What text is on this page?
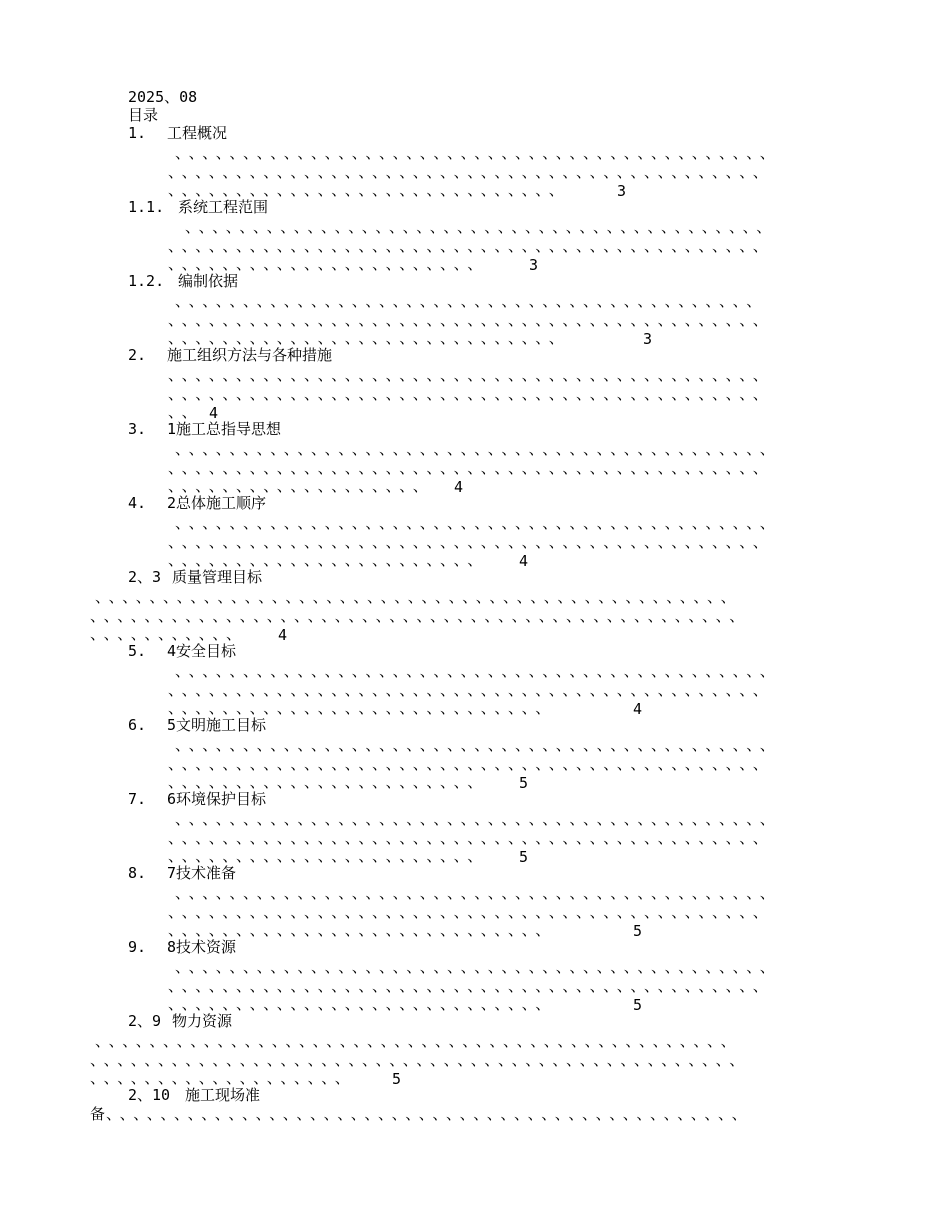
2025、08
目录
1. 工程概况
、、、、、、、、、、、、、、、、、、、、、、、、、、、、、、、、、、、、、、、、、、、、
、、、、、、、、、、、、、、、、、、、、、、、、、、、、、、、、、、、、、、、、、、、、
、、、、、、、、、、、、、、、、、、、、、、、、、、、、、	3
1.1. 系统工程范围
、、、、、、、、、、、、、、、、、、、、、、、、、、、、、、、、、、、、、、、、、、、
、、、、、、、、、、、、、、、、、、、、、、、、、、、、、、、、、、、、、、、、、、、、
、、、、、、、、、、、、、、、、、、、、、、、	3
1.2. 编制依据
、、、、、、、、、、、、、、、、、、、、、、、、、、、、、、、、、、、、、、、、、、、
、、、、、、、、、、、、、、、、、、、、、、、、、、、、、、、、、、、、、、、、、、、、
、、、、、、、、、、、、、、、、、、、、、、、、、、、、、	3
2. 施工组织方法与各种措施
、、、、、、、、、、、、、、、、、、、、、、、、、、、、、、、、、、、、、、、、、、、、
、、、、、、、、、、、、、、、、、、、、、、、、、、、、、、、、、、、、、、、、、、、、
、、 4
3. 1施工总指导思想
、、、、、、、、、、、、、、、、、、、、、、、、、、、、、、、、、、、、、、、、、、、、
、、、、、、、、、、、、、、、、、、、、、、、、、、、、、、、、、、、、、、、、、、、、
、、、、、、、、、、、、、、、、、、、 4
4. 2总体施工顺序
、、、、、、、、、、、、、、、、、、、、、、、、、、、、、、、、、、、、、、、、、、、、
、、、、、、、、、、、、、、、、、、、、、、、、、、、、、、、、、、、、、、、、、、、、
、、、、、、、、、、、、、、、、、、、、、、、 4
2、3 质量管理目标
、、、、、、、、、、、、、、、、、、、、、、、、、、、、、、、、、、、、、、、、、、、、、、、
、、、、、、、、、、、、、、、、、、、、、、、、、、、、、、、、、、、、、、、、、、、、、、、、
、、、、、、、、、、、 4
5. 4安全目标
、、、、、、、、、、、、、、、、、、、、、、、、、、、、、、、、、、、、、、、、、、、、
、、、、、、、、、、、、、、、、、、、、、、、、、、、、、、、、、、、、、、、、、、、、
、、、、、、、、、、、、、、、、、、、、、、、、、、、、	4
6. 5文明施工目标
、、、、、、、、、、、、、、、、、、、、、、、、、、、、、、、、、、、、、、、、、、、、
、、、、、、、、、、、、、、、、、、、、、、、、、、、、、、、、、、、、、、、、、、、、
、、、、、、、、、、、、、、、、、、、、、、、 5
7. 6环境保护目标
、、、、、、、、、、、、、、、、、、、、、、、、、、、、、、、、、、、、、、、、、、、、
、、、、、、、、、、、、、、、、、、、、、、、、、、、、、、、、、、、、、、、、、、、、
、、、、、、、、、、、、、、、、、、、、、、、 5
8. 7技术准备
、、、、、、、、、、、、、、、、、、、、、、、、、、、、、、、、、、、、、、、、、、、、
、、、、、、、、、、、、、、、、、、、、、、、、、、、、、、、、、、、、、、、、、、、、
、、、、、、、、、、、、、、、、、、、、、、、、、、、、	5
9. 8技术资源
、、、、、、、、、、、、、、、、、、、、、、、、、、、、、、、、、、、、、、、、、、、、
、、、、、、、、、、、、、、、、、、、、、、、、、、、、、、、、、、、、、、、、、、、、
、、、、、、、、、、、、、、、、、、、、、、、、、、、、	5
2、9 物力资源
、、、、、、、、、、、、、、、、、、、、、、、、、、、、、、、、、、、、、、、、、、、、、、、
、、、、、、、、、、、、、、、、、、、、、、、、、、、、、、、、、、、、、、、、、、、、、、、、
、、、、、、、、、、、、、、、、、、、 5
2、10 施工现场准
备 、、、、、、、、、、、、、、、、、、、、、、、、、、、、、、、、、、、、、、、、、、、、、、、
